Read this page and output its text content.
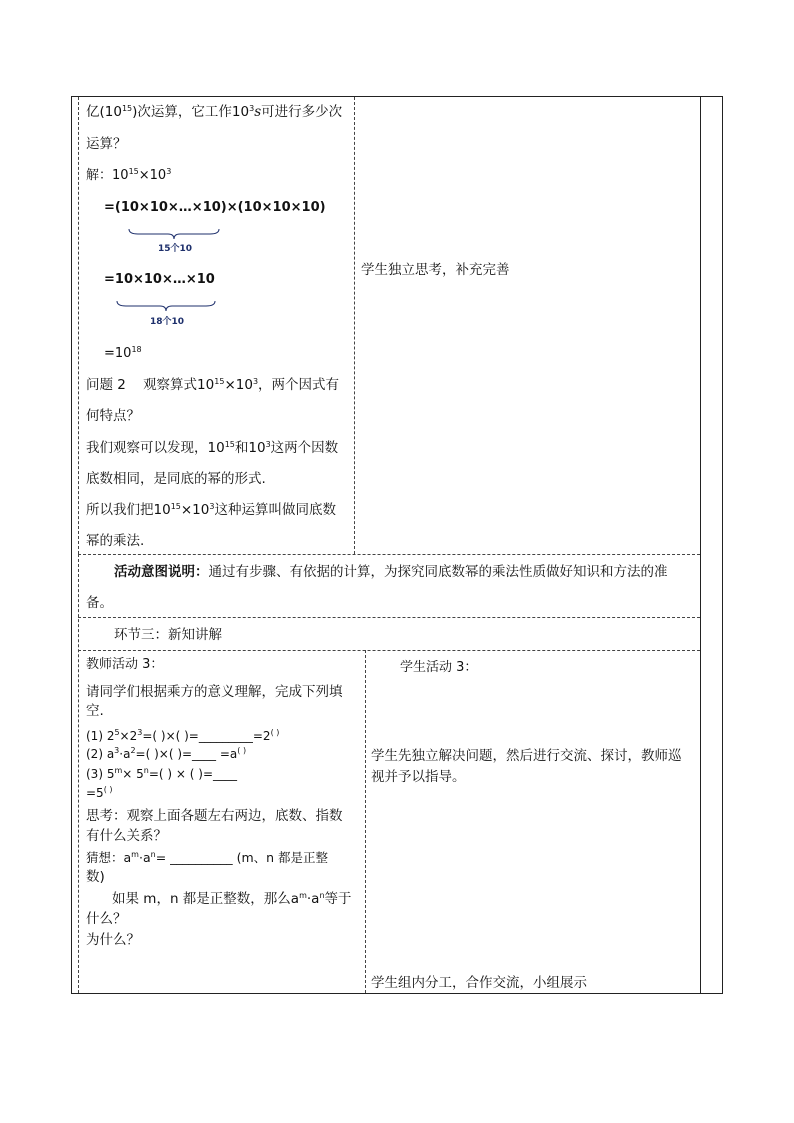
亿$(10^{15})$次运算，它工作$10^3s$可进行多少次
运算？
解：$10^{15}\times 10^3$
=(10×10×…×10)×(10×10×10)
15个10
=10×10×…×10
18个10
$=10^{18}$
问题 2 观察算式$10^{15}\times 10^3$，两个因式有
何特点？
我们观察可以发现，$10^{15}$和$10^3$这两个因数
底数相同，是同底的幂的形式.
所以我们把$10^{15}\times 10^3$这种运算叫做同底数
幂的乘法.
学生独立思考，补充完善
活动意图说明：通过有步骤、有依据的计算，为探究同底数幂的乘法性质做好知识和方法的准
备。
环节三：新知讲解
教师活动 3：
请同学们根据乘方的意义理解，完成下列填
空.
(1) $2^5\times 2^3=$( )×( )=_________=2( )
(2) $a^3\cdot a^2=$( )×( )=____ =a( )
(3) $5^m\times 5^n=$( ) × ( )=____
=5( )
思考：观察上面各题左右两边，底数、指数
有什么关系？
猜想：$a^m\cdot a^n=$ __________ (m、n 都是正整
数)
如果 m，n 都是正整数，那么$a^m\cdot a^n$等于
什么？
为什么？
学生活动 3：
学生先独立解决问题，然后进行交流、探讨，教师巡
视并予以指导。
学生组内分工，合作交流，小组展示
